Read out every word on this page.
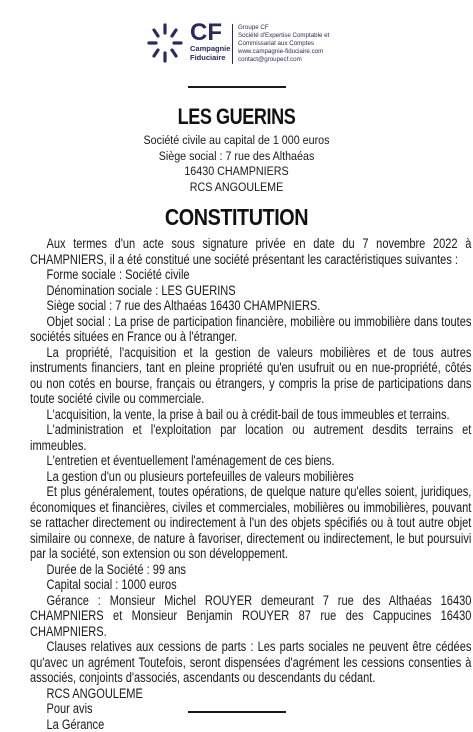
CF
Campagnie
Fiduciaire
Groupe CF
Société d'Expertise Comptable et
Commissariat aux Comptes
www.campagnie-fiduciaire.com
contact@groupecf.com
LES GUERINS
Société civile au capital de 1 000 euros
Siège social : 7 rue des Althaéas
16430 CHAMPNIERS
RCS ANGOULEME
CONSTITUTION

Aux termes d'un acte sous signature privée en date du 7 novembre 2022 à CHAMPNIERS, il a été constitué une société présentant les caractéristiques suivantes :

Forme sociale : Société civile

Dénomination sociale : LES GUERINS

Siège social : 7 rue des Althaéas 16430 CHAMPNIERS.

Objet social : La prise de participation financière, mobilière ou immobilière dans toutes sociétés situées en France ou à l'étranger.

La propriété, l'acquisition et la gestion de valeurs mobilières et de tous autres instruments financiers, tant en pleine propriété qu'en usufruit ou en nue-propriété, côtés ou non cotés en bourse, français ou étrangers, y compris la prise de participations dans toute société civile ou commerciale.

L'acquisition, la vente, la prise à bail ou à crédit-bail de tous immeubles et terrains.

L'administration et l'exploitation par location ou autrement desdits terrains et immeubles.

L'entretien et éventuellement l'aménagement de ces biens.

La gestion d'un ou plusieurs portefeuilles de valeurs mobilières

Et plus généralement, toutes opérations, de quelque nature qu'elles soient, juridiques, économiques et financières, civiles et commerciales, mobilières ou immobilières, pouvant se rattacher directement ou indirectement à l'un des objets spécifiés ou à tout autre objet similaire ou connexe, de nature à favoriser, directement ou indirectement, le but poursuivi par la société, son extension ou son développement.

Durée de la Société : 99 ans

Capital social : 1000 euros

Gérance : Monsieur Michel ROUYER demeurant 7 rue des Althaéas 16430 CHAMPNIERS et Monsieur Benjamin ROUYER 87 rue des Cappucines 16430 CHAMPNIERS.

Clauses relatives aux cessions de parts : Les parts sociales ne peuvent être cédées qu'avec un agrément Toutefois, seront dispensées d'agrément les cessions consenties à associés, conjoints d'associés, ascendants ou descendants du cédant.

RCS ANGOULEME

Pour avis

La Gérance
